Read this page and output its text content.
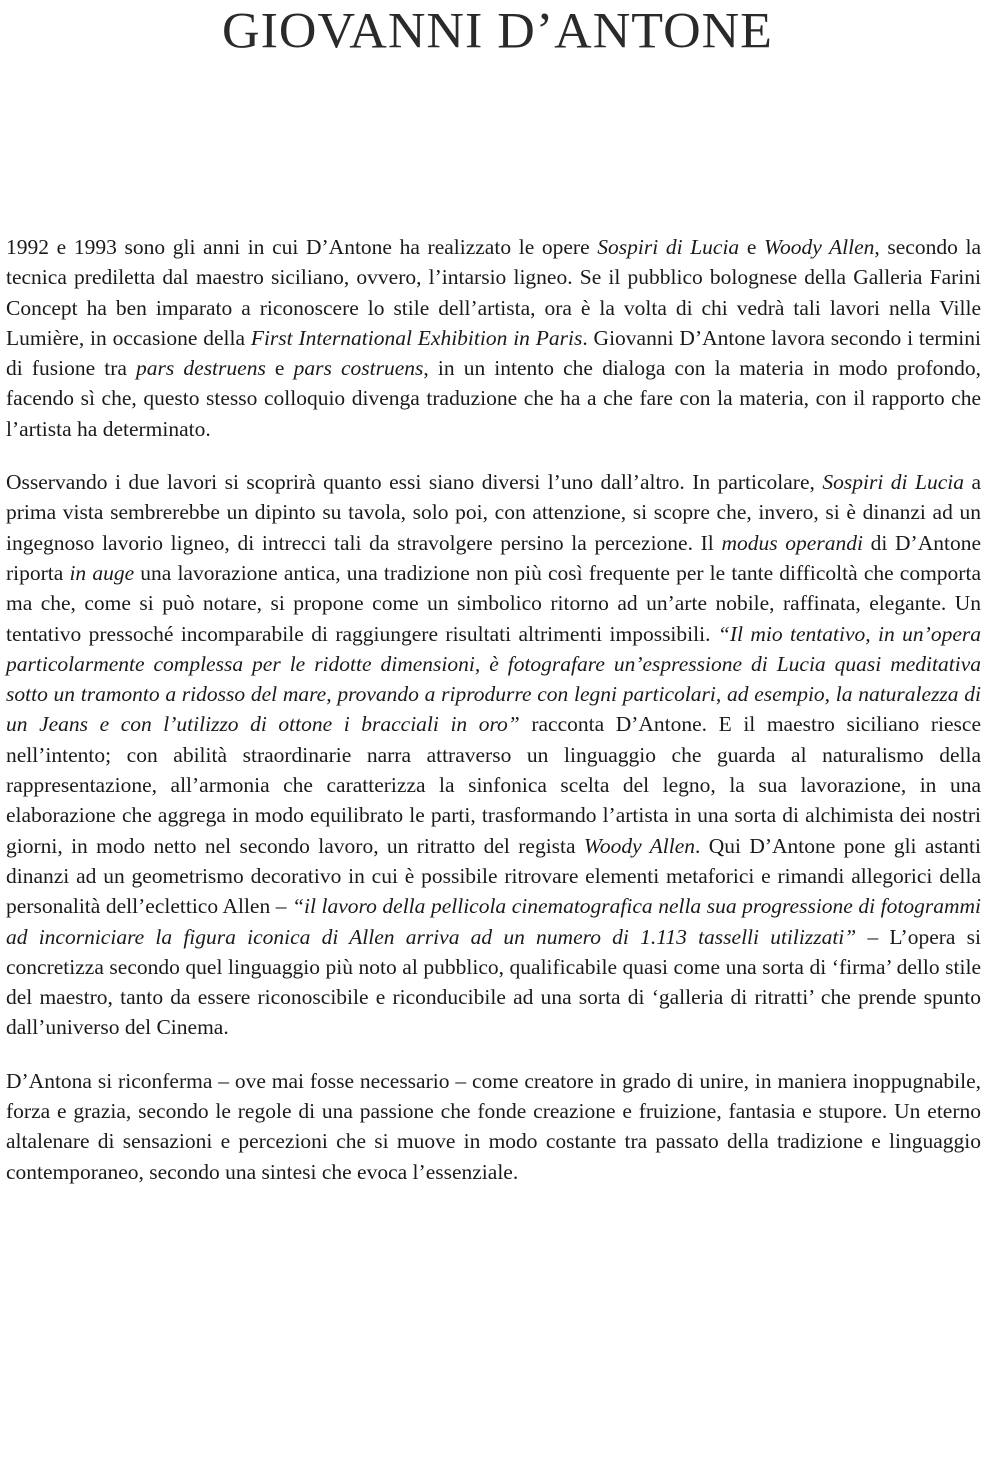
GIOVANNI D’ANTONE

1992 e 1993 sono gli anni in cui D’Antone ha realizzato le opere Sospiri di Lucia e Woody Allen, secondo la tecnica prediletta dal maestro siciliano, ovvero, l’intarsio ligneo. Se il pubblico bolognese della Galleria Farini Concept ha ben imparato a riconoscere lo stile dell’artista, ora è la volta di chi vedrà tali lavori nella Ville Lumière, in occasione della First International Exhibition in Paris. Giovanni D’Antone lavora secondo i termini di fusione tra pars destruens e pars costruens, in un intento che dialoga con la materia in modo profondo, facendo sì che, questo stesso colloquio divenga traduzione che ha a che fare con la materia, con il rapporto che l’artista ha determinato.

Osservando i due lavori si scoprirà quanto essi siano diversi l’uno dall’altro. In particolare, Sospiri di Lucia a prima vista sembrerebbe un dipinto su tavola, solo poi, con attenzione, si scopre che, invero, si è dinanzi ad un ingegnoso lavorio ligneo, di intrecci tali da stravolgere persino la percezione. Il modus operandi di D’Antone riporta in auge una lavorazione antica, una tradizione non più così frequente per le tante difficoltà che comporta ma che, come si può notare, si propone come un simbolico ritorno ad un’arte nobile, raffinata, elegante. Un tentativo pressoché incomparabile di raggiungere risultati altrimenti impossibili. “Il mio tentativo, in un’opera particolarmente complessa per le ridotte dimensioni, è fotografare un’espressione di Lucia quasi meditativa sotto un tramonto a ridosso del mare, provando a riprodurre con legni particolari, ad esempio, la naturalezza di un Jeans e con l’utilizzo di ottone i bracciali in oro” racconta D’Antone. E il maestro siciliano riesce nell’intento; con abilità straordinarie narra attraverso un linguaggio che guarda al naturalismo della rappresentazione, all’armonia che caratterizza la sinfonica scelta del legno, la sua lavorazione, in una elaborazione che aggrega in modo equilibrato le parti, trasformando l’artista in una sorta di alchimista dei nostri giorni, in modo netto nel secondo lavoro, un ritratto del regista Woody Allen. Qui D’Antone pone gli astanti dinanzi ad un geometrismo decorativo in cui è possibile ritrovare elementi metaforici e rimandi allegorici della personalità dell’eclettico Allen – “il lavoro della pellicola cinematografica nella sua progressione di fotogrammi ad incorniciare la figura iconica di Allen arriva ad un numero di 1.113 tasselli utilizzati” – L’opera si concretizza secondo quel linguaggio più noto al pubblico, qualificabile quasi come una sorta di ‘firma’ dello stile del maestro, tanto da essere riconoscibile e riconducibile ad una sorta di ‘galleria di ritratti’ che prende spunto dall’universo del Cinema.

D’Antona si riconferma – ove mai fosse necessario – come creatore in grado di unire, in maniera inoppugnabile, forza e grazia, secondo le regole di una passione che fonde creazione e fruizione, fantasia e stupore. Un eterno altalenare di sensazioni e percezioni che si muove in modo costante tra passato della tradizione e linguaggio contemporaneo, secondo una sintesi che evoca l’essenziale.
